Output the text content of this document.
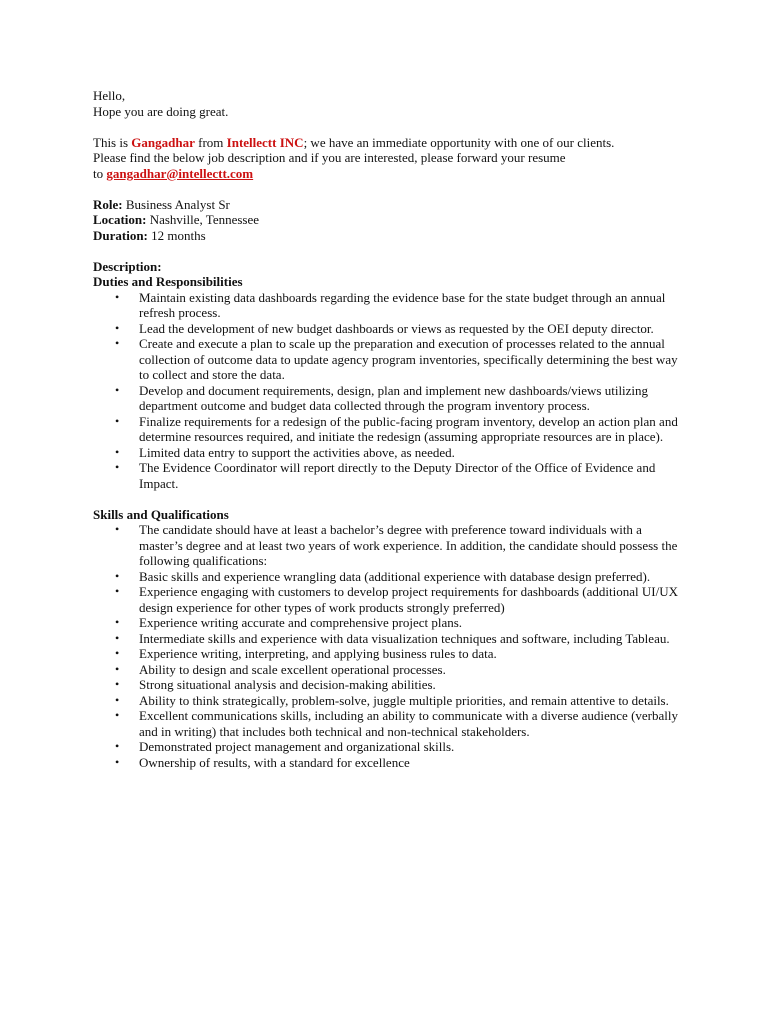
Hello,

Hope you are doing great.

This is Gangadhar from Intellectt INC; we have an immediate opportunity with one of our clients.

Please find the below job description and if you are interested, please forward your resume

to gangadhar@intellectt.com

Role: Business Analyst Sr

Location: Nashville, Tennessee

Duration: 12 months

Description:

Duties and Responsibilities

• Maintain existing data dashboards regarding the evidence base for the state budget through an annual refresh process.
• Lead the development of new budget dashboards or views as requested by the OEI deputy director.
• Create and execute a plan to scale up the preparation and execution of processes related to the annual collection of outcome data to update agency program inventories, specifically determining the best way to collect and store the data.
• Develop and document requirements, design, plan and implement new dashboards/views utilizing department outcome and budget data collected through the program inventory process.
• Finalize requirements for a redesign of the public-facing program inventory, develop an action plan and determine resources required, and initiate the redesign (assuming appropriate resources are in place).
• Limited data entry to support the activities above, as needed.
• The Evidence Coordinator will report directly to the Deputy Director of the Office of Evidence and Impact.

Skills and Qualifications

• The candidate should have at least a bachelor’s degree with preference toward individuals with a master’s degree and at least two years of work experience. In addition, the candidate should possess the following qualifications:
• Basic skills and experience wrangling data (additional experience with database design preferred).
• Experience engaging with customers to develop project requirements for dashboards (additional UI/UX design experience for other types of work products strongly preferred)
• Experience writing accurate and comprehensive project plans.
• Intermediate skills and experience with data visualization techniques and software, including Tableau.
• Experience writing, interpreting, and applying business rules to data.
• Ability to design and scale excellent operational processes.
• Strong situational analysis and decision-making abilities.
• Ability to think strategically, problem-solve, juggle multiple priorities, and remain attentive to details.
• Excellent communications skills, including an ability to communicate with a diverse audience (verbally and in writing) that includes both technical and non-technical stakeholders.
• Demonstrated project management and organizational skills.
• Ownership of results, with a standard for excellence
